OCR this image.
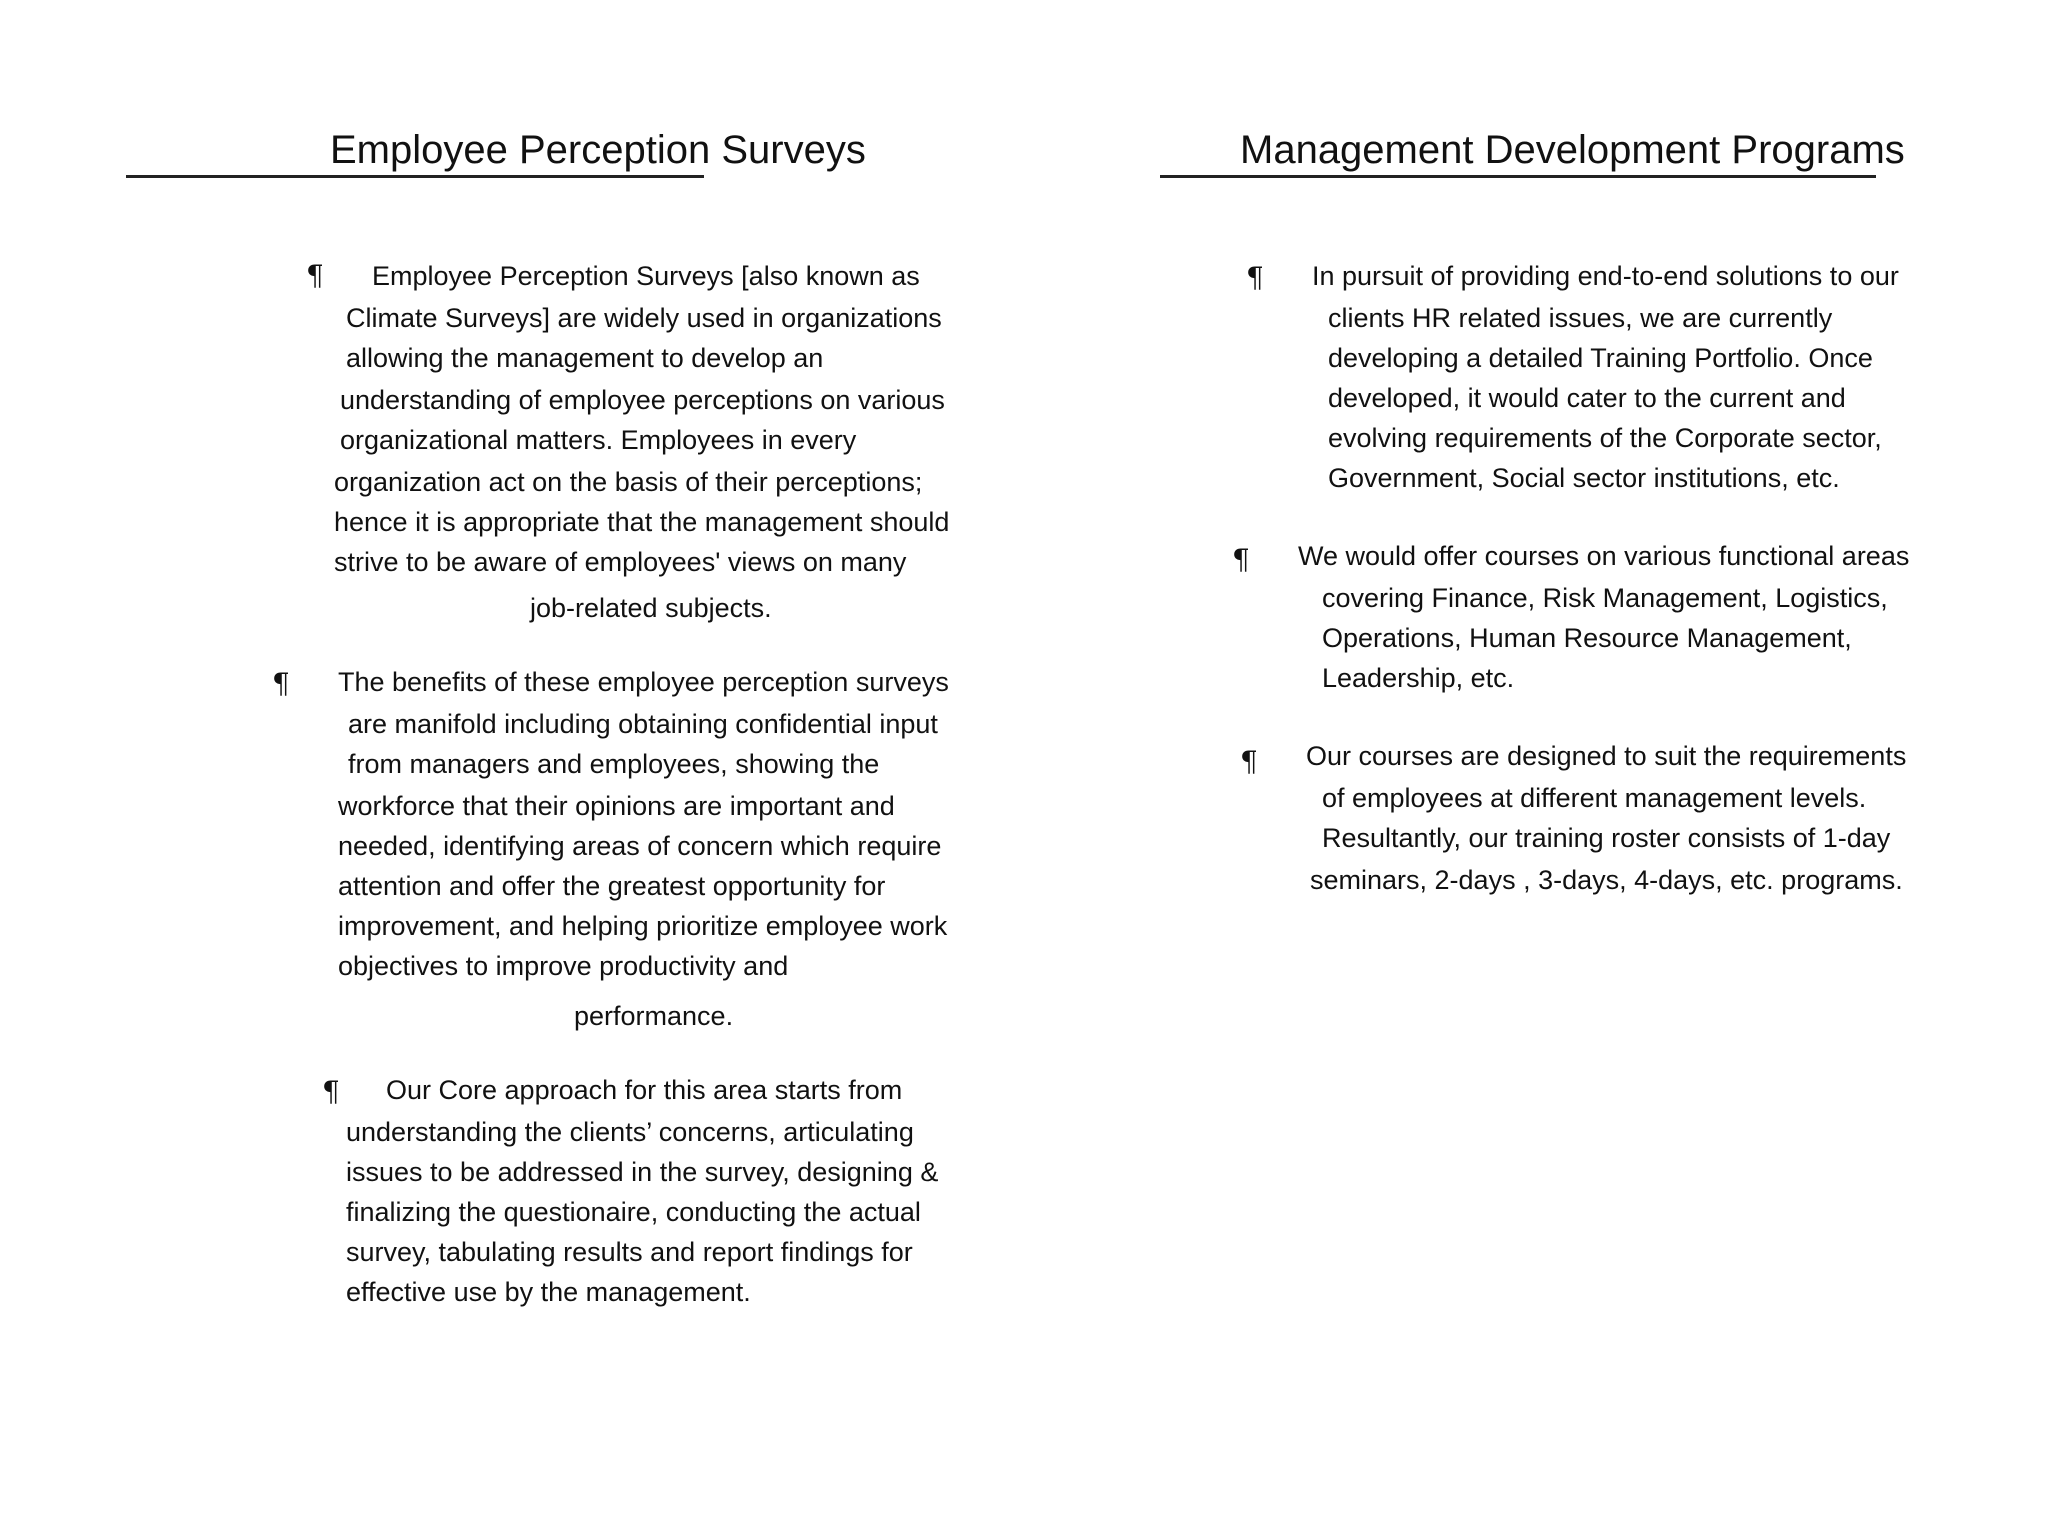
Employee Perception Surveys
¶ Employee Perception Surveys [also known as
Climate Surveys] are widely used in organizations
allowing the management to develop an
understanding of employee perceptions on various
organizational matters. Employees in every
organization act on the basis of their perceptions;
hence it is appropriate that the management should
strive to be aware of employees' views on many
job-related subjects.
¶ The benefits of these employee perception surveys
are manifold including obtaining confidential input
from managers and employees, showing the
workforce that their opinions are important and
needed, identifying areas of concern which require
attention and offer the greatest opportunity for
improvement, and helping prioritize employee work
objectives to improve productivity and
performance.
¶ Our Core approach for this area starts from
understanding the clients’ concerns, articulating
issues to be addressed in the survey, designing &
finalizing the questionaire, conducting the actual
survey, tabulating results and report findings for
effective use by the management.
Management Development Programs
¶ In pursuit of providing end-to-end solutions to our
clients HR related issues, we are currently
developing a detailed Training Portfolio. Once
developed, it would cater to the current and
evolving requirements of the Corporate sector,
Government, Social sector institutions, etc.
¶ We would offer courses on various functional areas
covering Finance, Risk Management, Logistics,
Operations, Human Resource Management,
Leadership, etc.
¶ Our courses are designed to suit the requirements
of employees at different management levels.
Resultantly, our training roster consists of 1-day
seminars, 2-days , 3-days, 4-days, etc. programs.
